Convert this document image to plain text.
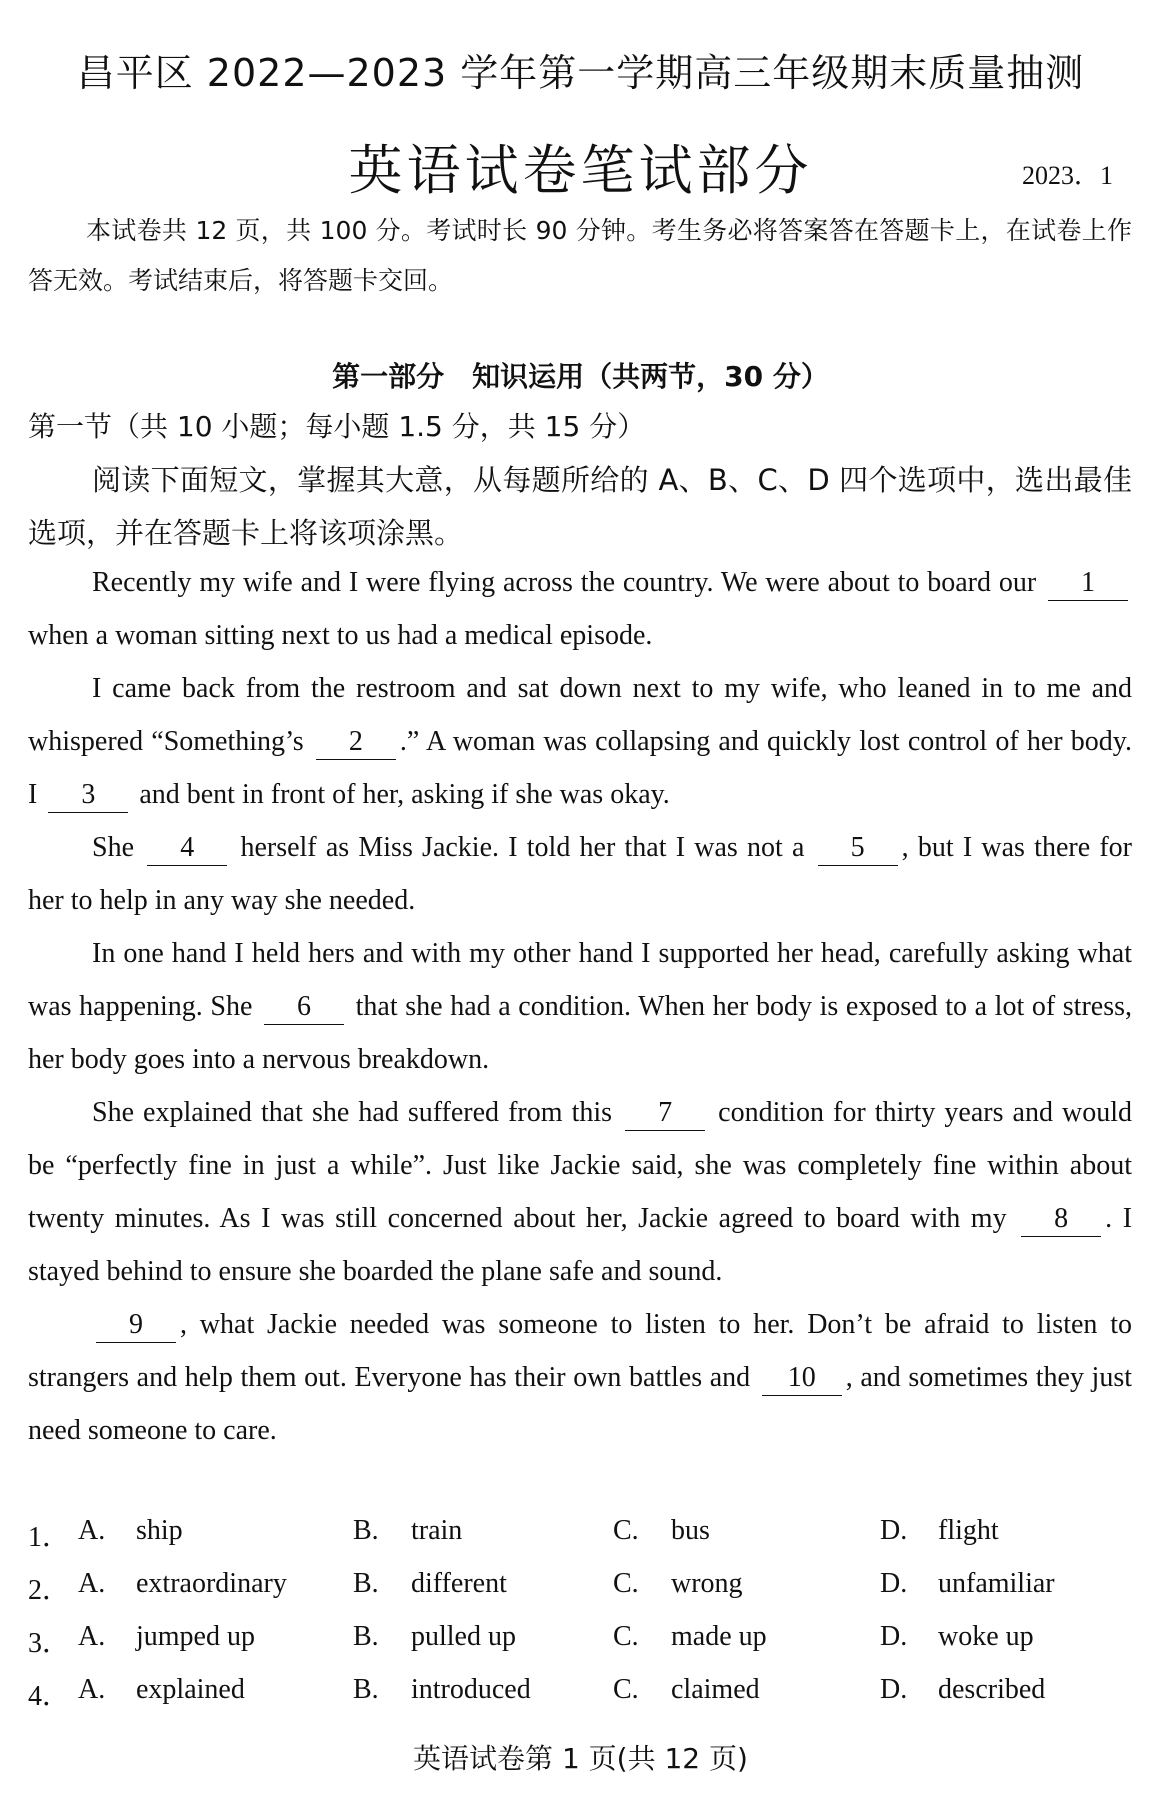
昌平区 2022—2023 学年第一学期高三年级期末质量抽测
英语试卷笔试部分	2023．1
本试卷共 12 页，共 100 分。考试时长 90 分钟。考生务必将答案答在答题卡上，在试卷上作答无效。考试结束后，将答题卡交回。
第一部分　知识运用（共两节，30 分）
第一节（共 10 小题；每小题 1.5 分，共 15 分）
阅读下面短文，掌握其大意，从每题所给的 A、B、C、D 四个选项中，选出最佳选项，并在答题卡上将该项涂黑。

Recently my wife and I were flying across the country. We were about to board our 1 when a woman sitting next to us had a medical episode.

I came back from the restroom and sat down next to my wife, who leaned in to me and whispered “Something’s 2 .” A woman was collapsing and quickly lost control of her body. I 3 and bent in front of her, asking if she was okay.

She 4 herself as Miss Jackie. I told her that I was not a 5 , but I was there for her to help in any way she needed.

In one hand I held hers and with my other hand I supported her head, carefully asking what was happening. She 6 that she had a condition. When her body is exposed to a lot of stress, her body goes into a nervous breakdown.

She explained that she had suffered from this 7 condition for thirty years and would be “perfectly fine in just a while”. Just like Jackie said, she was completely fine within about twenty minutes. As I was still concerned about her, Jackie agreed to board with my 8 . I stayed behind to ensure she boarded the plane safe and sound.

9 , what Jackie needed was someone to listen to her. Don’t be afraid to listen to strangers and help them out. Everyone has their own battles and 10 , and sometimes they just need someone to care.

1． A. ship	B. train	C. bus	D. flight
2． A. extraordinary B. different	C. wrong	D. unfamiliar
3． A. jumped up	B. pulled up	C. made up	D. woke up
4． A. explained	B. introduced	C. claimed	D. described
英语试卷第 1 页(共 12 页)
